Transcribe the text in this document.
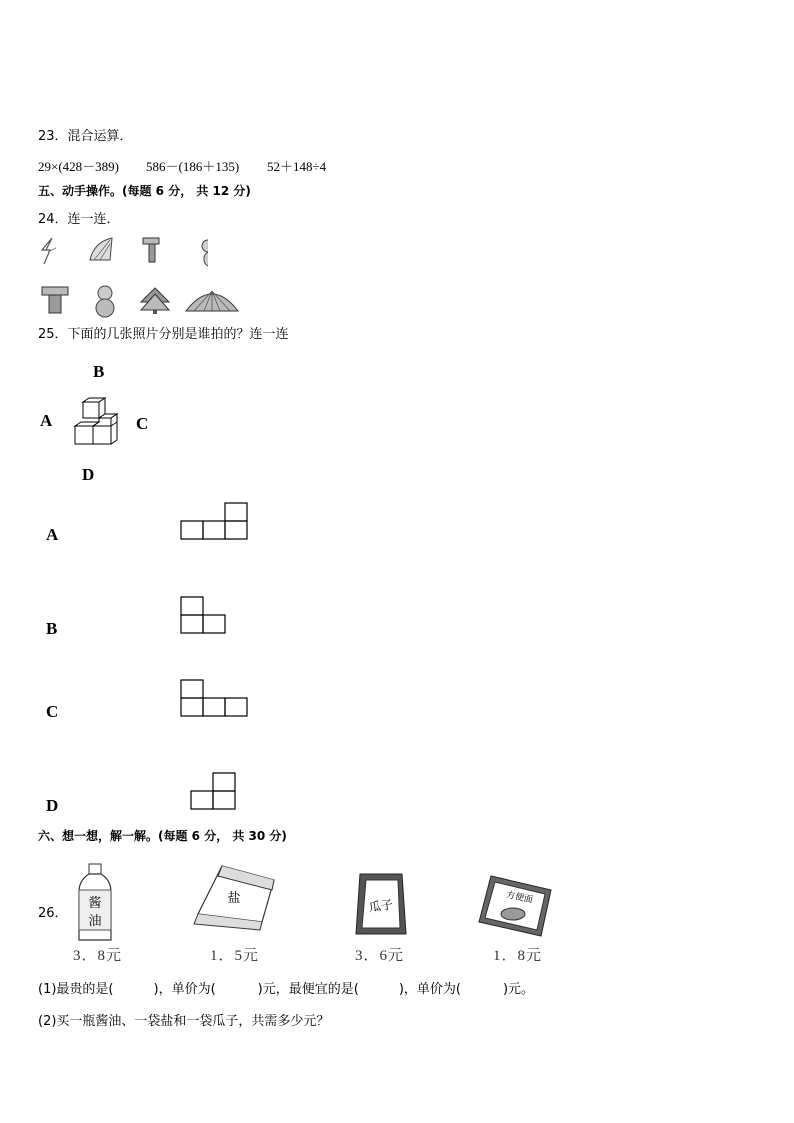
23．混合运算．
29×(428－389) 586－(186＋135) 52＋148÷4
五、动手操作。(每题 6 分， 共 12 分)
24．连一连．
25．下面的几张照片分别是谁拍的？连一连
B
A	C
D
A
B
C
D
六、想一想，解一解。(每题 6 分， 共 30 分)
26．
酱
油
3．8元
盐
1．5元
瓜子
3．6元
方便面
1．8元
(1)最贵的是(	)，单价为(	)元，最便宜的是(	)，单价为(	)元。
(2)买一瓶酱油、一袋盐和一袋瓜子，共需多少元？
